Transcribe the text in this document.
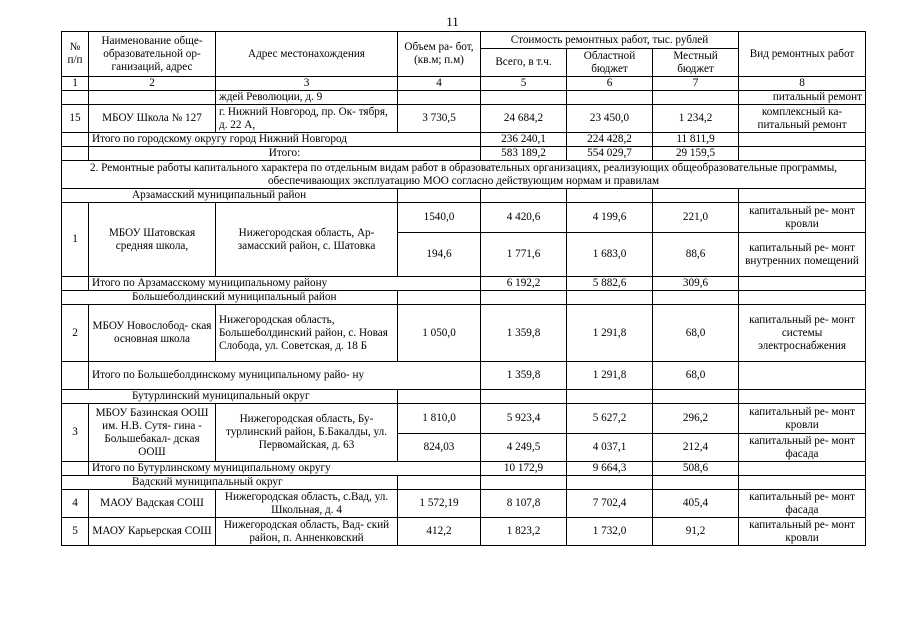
11
№ п/п	Наименование обще- образовательной ор- ганизаций, адрес	Адрес местонахождения	Объем ра- бот, (кв.м; п.м)	Стоимость ремонтных работ, тыс. рублей			Вид ремонтных работ
				Всего, в т.ч.	Областной бюджет	Местный бюджет	
1	2	3	4	5	6	7	8
		ждей Революции, д. 9					питальный ремонт
15	МБОУ Школа № 127	г. Нижний Новгород, пр. Ок- тября, д. 22 А,	3 730,5	24 684,2	23 450,0	1 234,2	комплексный ка- питальный ремонт
	Итого по городскому округу город Нижний Новгород			236 240,1	224 428,2	11 811,9	
	Итого:			583 189,2	554 029,7	29 159,5	
2. Ремонтные работы капитального характера по отдельным видам работ в образовательных организациях, реализующих общеобразовательные программы, обеспечивающих эксплуатацию МОО согласно действующим нормам и правилам							
Арзамасский муниципальный район							
1	МБОУ Шатовская средняя школа,	Нижегородская область, Ар- замасский район, с. Шатовка	1540,0	4 420,6	4 199,6	221,0	капитальный ре- монт кровли
			194,6	1 771,6	1 683,0	88,6	капитальный ре- монт внутренних помещений
	Итого по Арзамасскому муниципальному району			6 192,2	5 882,6	309,6	
Большеболдинский муниципальный район							
2	МБОУ Новослобод- ская основная школа	Нижегородская область, Большеболдинский район, с. Новая Слобода, ул. Советская, д. 18 Б	1 050,0	1 359,8	1 291,8	68,0	капитальный ре- монт системы электроснабжения
	Итого по Большеболдинскому муниципальному райо- ну			1 359,8	1 291,8	68,0	
Бутурлинский муниципальный округ							
3	МБОУ Базинская ООШ им. Н.В. Сутя- гина - Большебакал- дская ООШ	Нижегородская область, Бу- турлинский район, Б.Бакалды, ул. Первомайская, д. 63	1 810,0	5 923,4	5 627,2	296,2	капитальный ре- монт кровли
			824,03	4 249,5	4 037,1	212,4	капитальный ре- монт фасада
	Итого по Бутурлинскому муниципальному округу			10 172,9	9 664,3	508,6	
Вадский муниципальный округ							
4	МАОУ Вадская СОШ	Нижегородская область, с.Вад, ул. Школьная, д. 4	1 572,19	8 107,8	7 702,4	405,4	капитальный ре- монт фасада
5	МАОУ Карьерская СОШ	Нижегородская область, Вад- ский район, п. Анненковский	412,2	1 823,2	1 732,0	91,2	капитальный ре- монт кровли
